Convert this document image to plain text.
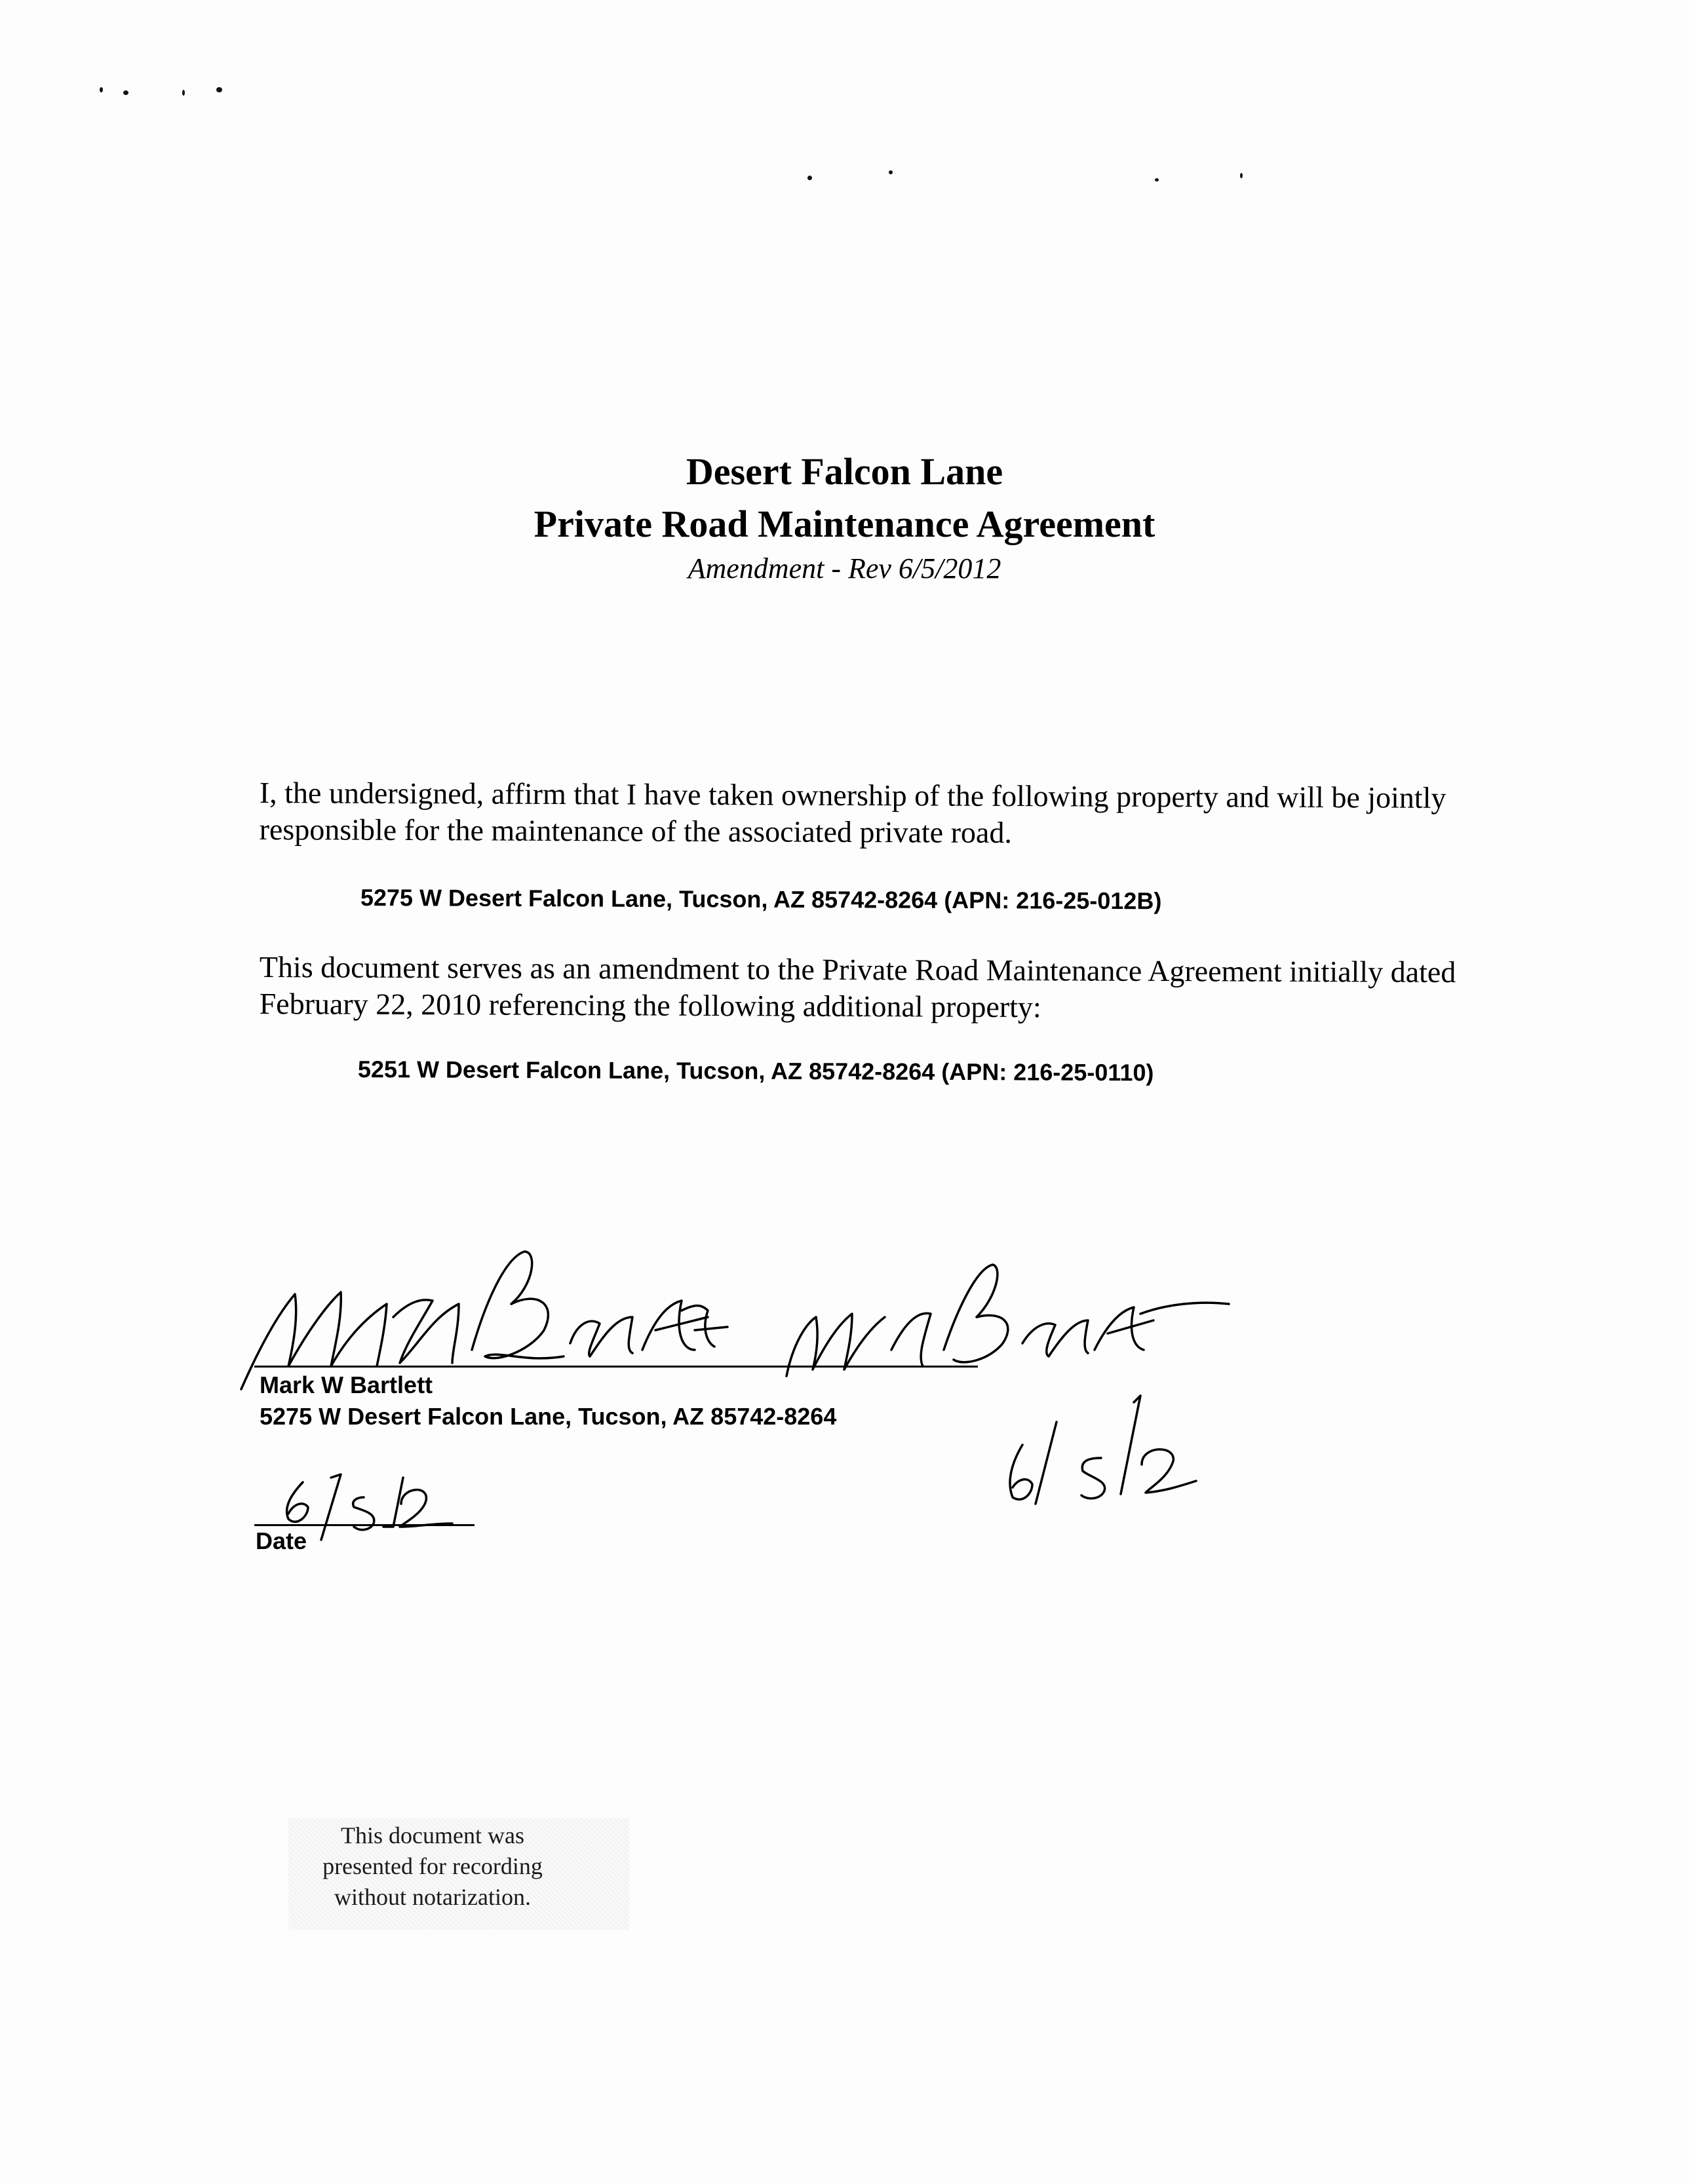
Desert Falcon Lane
Private Road Maintenance Agreement
Amendment - Rev 6/5/2012
I, the undersigned, affirm that I have taken ownership of the following property and will be jointly responsible for the maintenance of the associated private road.
5275 W Desert Falcon Lane, Tucson, AZ 85742-8264 (APN: 216-25-012B)
This document serves as an amendment to the Private Road Maintenance Agreement initially dated February 22, 2010 referencing the following additional property:
5251 W Desert Falcon Lane, Tucson, AZ 85742-8264 (APN: 216-25-0110)
Mark W Bartlett
5275 W Desert Falcon Lane, Tucson, AZ 85742-8264
Date
This document was presented for recording without notarization.
